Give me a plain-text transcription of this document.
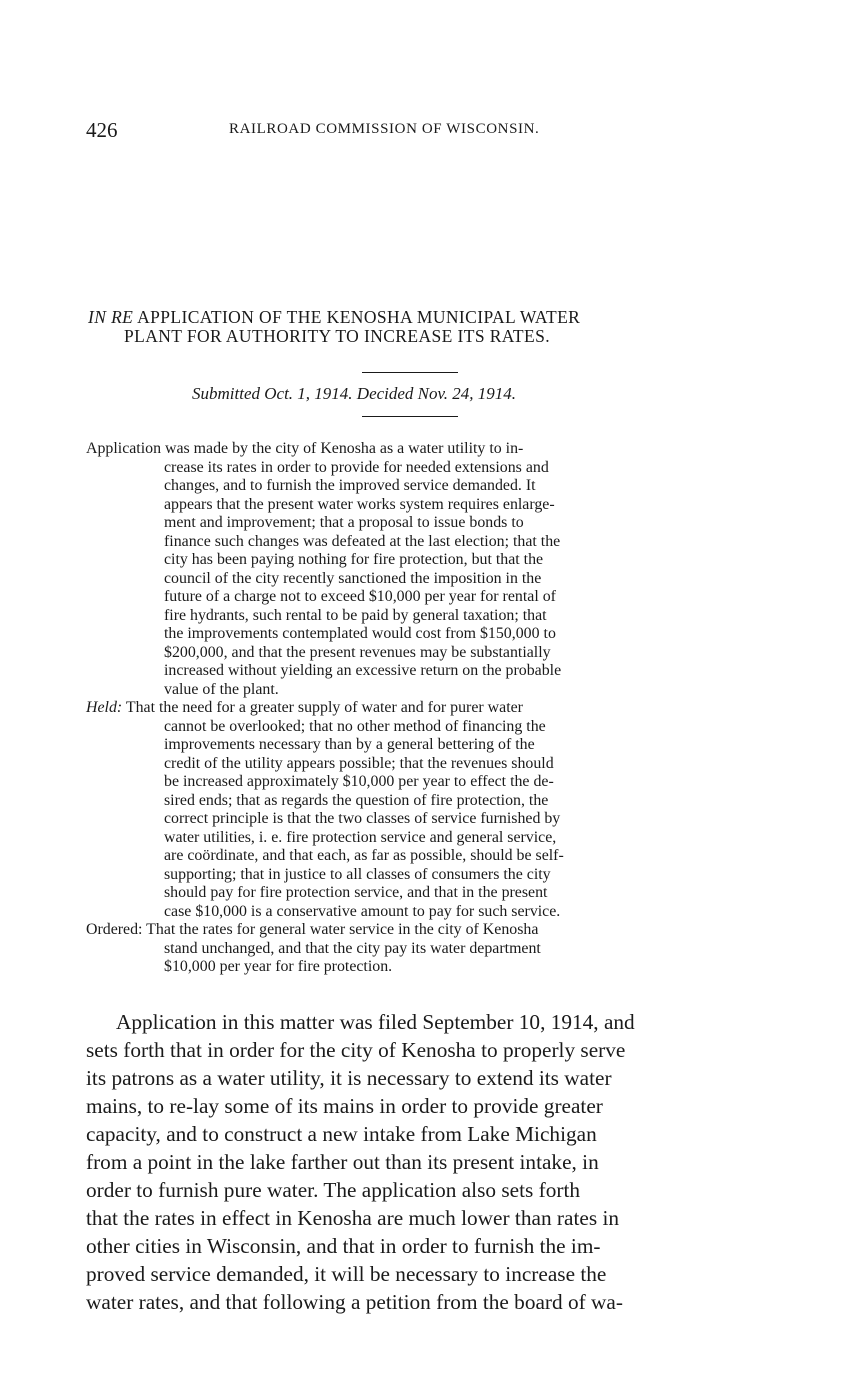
426	RAILROAD COMMISSION OF WISCONSIN.
IN RE APPLICATION OF THE KENOSHA MUNICIPAL WATER
PLANT FOR AUTHORITY TO INCREASE ITS RATES.
Submitted Oct. 1, 1914. Decided Nov. 24, 1914.
Application was made by the city of Kenosha as a water utility to in-
crease its rates in order to provide for needed extensions and
changes, and to furnish the improved service demanded. It
appears that the present water works system requires enlarge-
ment and improvement; that a proposal to issue bonds to
finance such changes was defeated at the last election; that the
city has been paying nothing for fire protection, but that the
council of the city recently sanctioned the imposition in the
future of a charge not to exceed $10,000 per year for rental of
fire hydrants, such rental to be paid by general taxation; that
the improvements contemplated would cost from $150,000 to
$200,000, and that the present revenues may be substantially
increased without yielding an excessive return on the probable
value of the plant.
Held: That the need for a greater supply of water and for purer water
cannot be overlooked; that no other method of financing the
improvements necessary than by a general bettering of the
credit of the utility appears possible; that the revenues should
be increased approximately $10,000 per year to effect the de-
sired ends; that as regards the question of fire protection, the
correct principle is that the two classes of service furnished by
water utilities, i. e. fire protection service and general service,
are coördinate, and that each, as far as possible, should be self-
supporting; that in justice to all classes of consumers the city
should pay for fire protection service, and that in the present
case $10,000 is a conservative amount to pay for such service.
Ordered: That the rates for general water service in the city of Kenosha
stand unchanged, and that the city pay its water department
$10,000 per year for fire protection.
Application in this matter was filed September 10, 1914, and
sets forth that in order for the city of Kenosha to properly serve
its patrons as a water utility, it is necessary to extend its water
mains, to re-lay some of its mains in order to provide greater
capacity, and to construct a new intake from Lake Michigan
from a point in the lake farther out than its present intake, in
order to furnish pure water. The application also sets forth
that the rates in effect in Kenosha are much lower than rates in
other cities in Wisconsin, and that in order to furnish the im-
proved service demanded, it will be necessary to increase the
water rates, and that following a petition from the board of wa-
